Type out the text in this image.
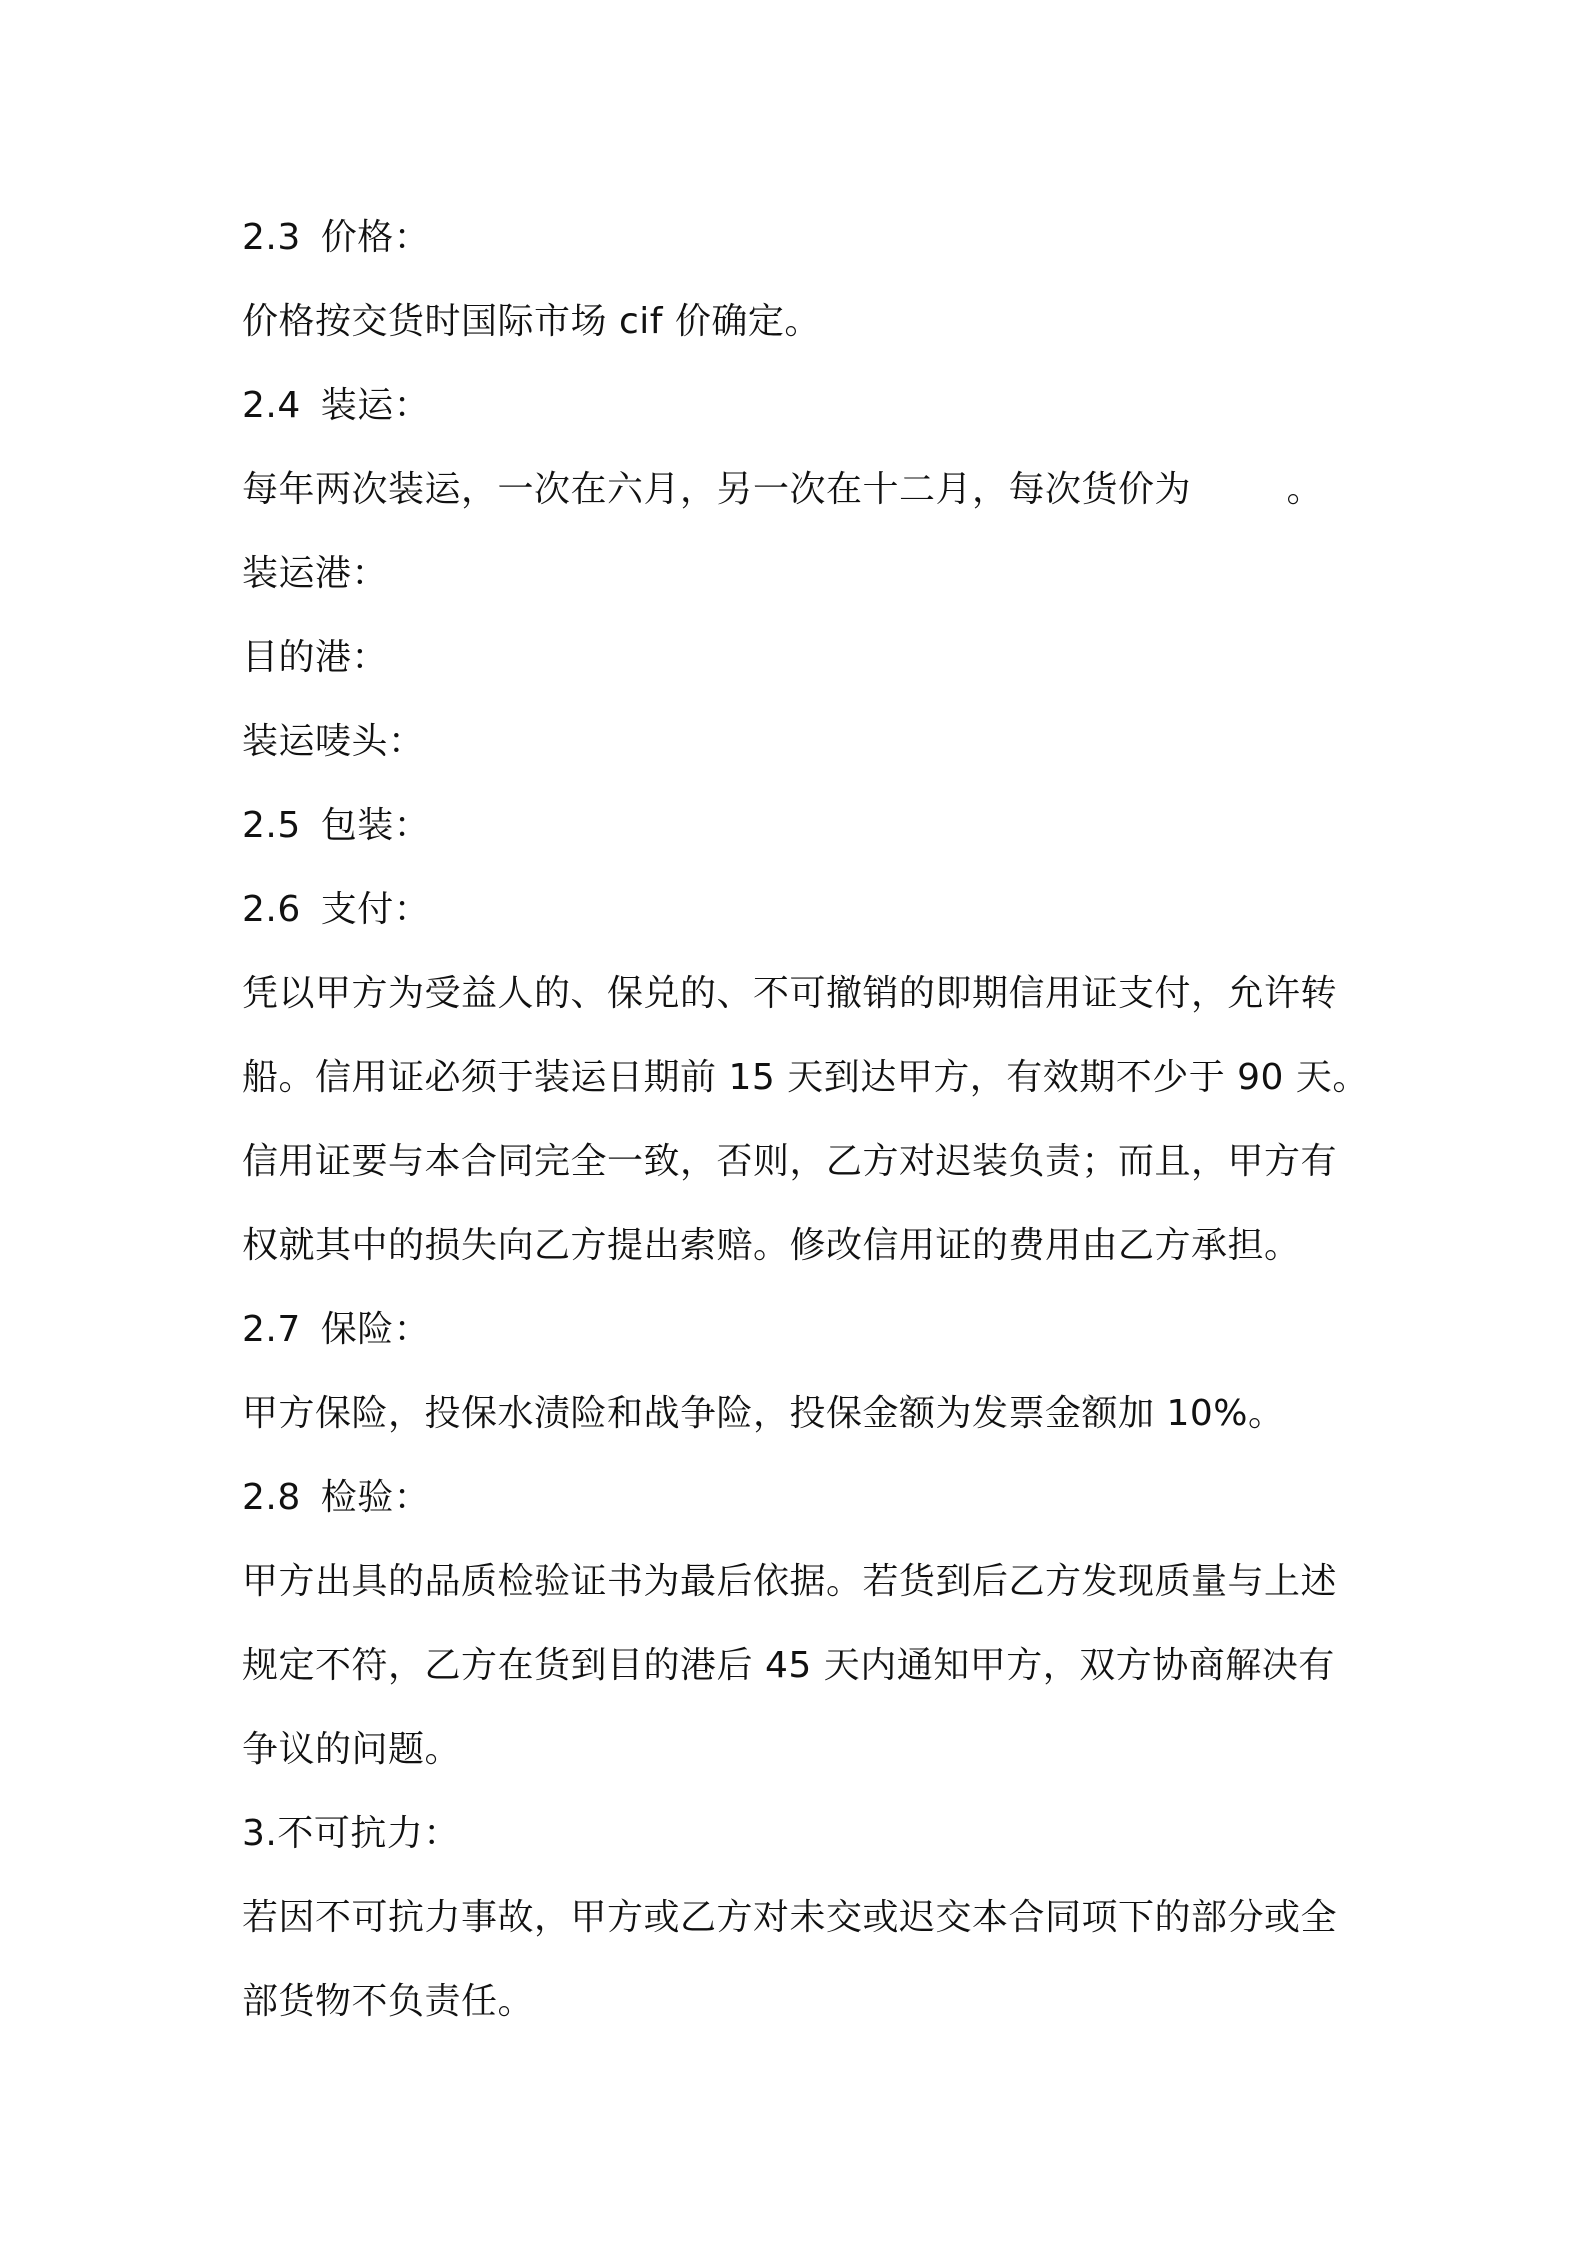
2.3 价格：
价格按交货时国际市场 cif 价确定。
2.4 装运：
每年两次装运，一次在六月，另一次在十二月，每次货价为        。
装运港：
目的港：
装运唛头：
2.5 包装：
2.6 支付：
凭以甲方为受益人的、保兑的、不可撤销的即期信用证支付，允许转
船。信用证必须于装运日期前 15 天到达甲方，有效期不少于 90 天。
信用证要与本合同完全一致，否则，乙方对迟装负责；而且，甲方有
权就其中的损失向乙方提出索赔。修改信用证的费用由乙方承担。
2.7 保险：
甲方保险，投保水渍险和战争险，投保金额为发票金额加 10%。
2.8 检验：
甲方出具的品质检验证书为最后依据。若货到后乙方发现质量与上述
规定不符，乙方在货到目的港后 45 天内通知甲方，双方协商解决有
争议的问题。
3.不可抗力：
若因不可抗力事故，甲方或乙方对未交或迟交本合同项下的部分或全
部货物不负责任。
